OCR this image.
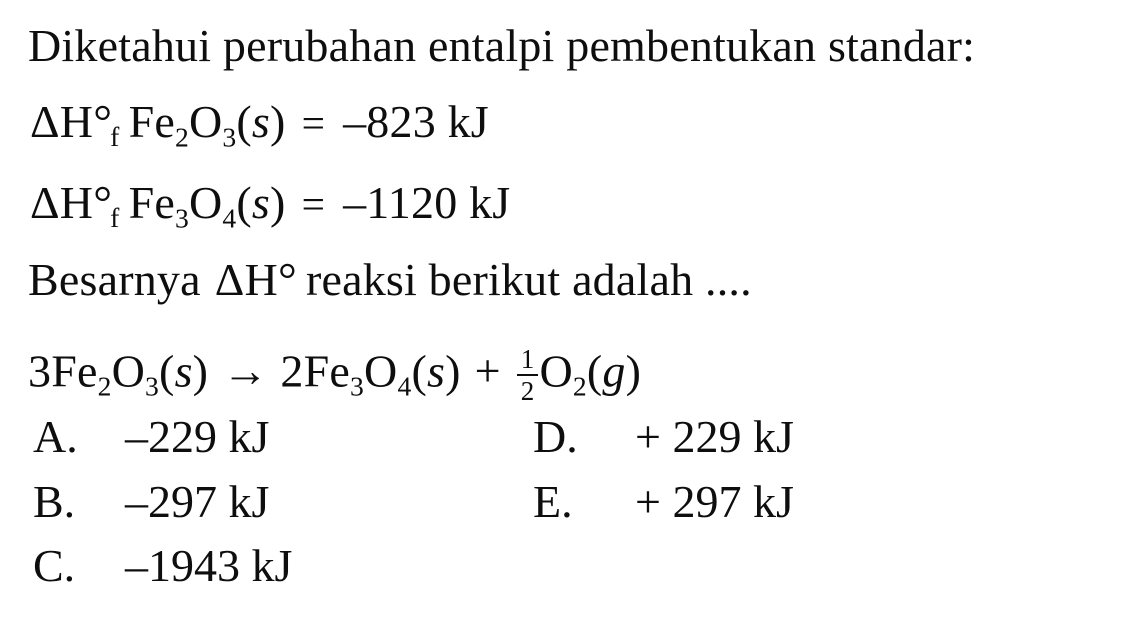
Diketahui perubahan entalpi pembentukan standar:
$\Delta H^\circ_f$ $Fe_2O_3(s) = -823$ kJ
$\Delta H^\circ_f$ $Fe_3O_4(s) = -1120$ kJ
Besarnya ΔH° reaksi berikut adalah ....
$3Fe_2O_3(s) \to 2Fe_3O_4(s) + \frac{1}{2} O_2(g)$
A.	–229 kJ	D.	+ 229 kJ
B.	–297 kJ	E.	+ 297 kJ
C.	–1943 kJ
